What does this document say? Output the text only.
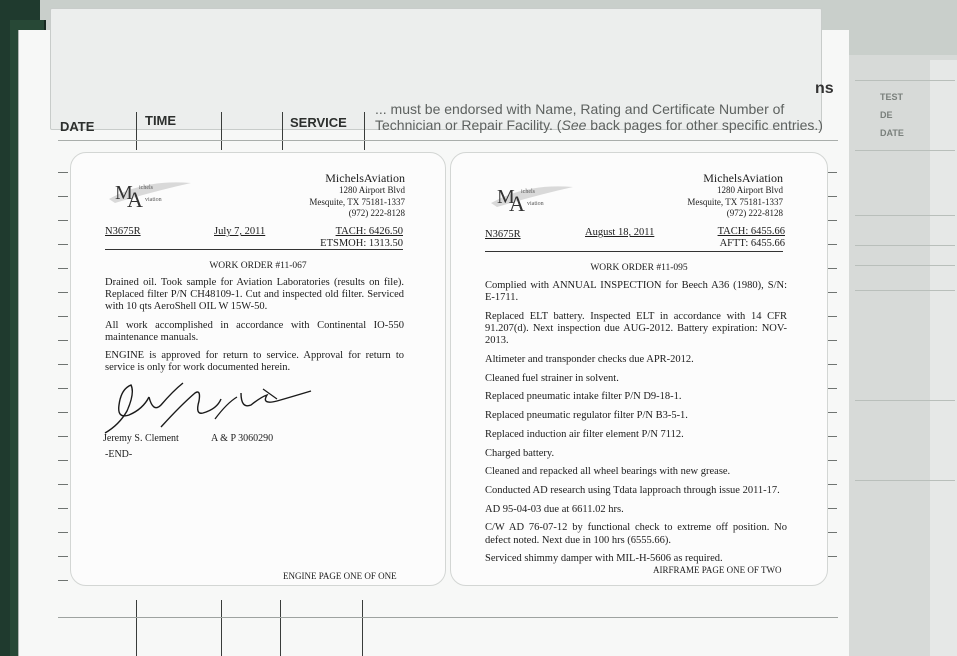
TEST
DE
DATE
ns
DATE	TIME	SERVICE
... must be endorsed with Name, Rating and Certificate Number of
Technician or Repair Facility. (See back pages for other specific entries.)
M
A
ichels
viation
MichelsAviation
1280 Airport Blvd
Mesquite, TX 75181-1337
(972) 222-8128
N3675R	July 7, 2011	TACH: 6426.50
ETSMOH: 1313.50
WORK ORDER #11-067

Drained oil. Took sample for Aviation Laboratories (results on file). Replaced filter P/N CH48109-1. Cut and inspected old filter. Serviced with 10 qts AeroShell OIL W 15W-50.

All work accomplished in accordance with Continental IO-550 maintenance manuals.

ENGINE is approved for return to service. Approval for return to service is only for work documented herein.

Jeremy S. Clement	A & P 3060290
-END-
ENGINE PAGE ONE OF ONE
M
A
ichels
viation
MichelsAviation
1280 Airport Blvd
Mesquite, TX 75181-1337
(972) 222-8128
N3675R	August 18, 2011	TACH: 6455.66
AFTT: 6455.66
WORK ORDER #11-095

Complied with ANNUAL INSPECTION for Beech A36 (1980), S/N: E-1711.

Replaced ELT battery. Inspected ELT in accordance with 14 CFR 91.207(d). Next inspection due AUG-2012. Battery expiration: NOV-2013.

Altimeter and transponder checks due APR-2012.

Cleaned fuel strainer in solvent.

Replaced pneumatic intake filter P/N D9-18-1.

Replaced pneumatic regulator filter P/N B3-5-1.

Replaced induction air filter element P/N 7112.

Charged battery.

Cleaned and repacked all wheel bearings with new grease.

Conducted AD research using Tdata lapproach through issue 2011-17.

AD 95-04-03 due at 6611.02 hrs.

C/W AD 76-07-12 by functional check to extreme off position. No defect noted. Next due in 100 hrs (6555.66).

Serviced shimmy damper with MIL-H-5606 as required.

AIRFRAME PAGE ONE OF TWO
